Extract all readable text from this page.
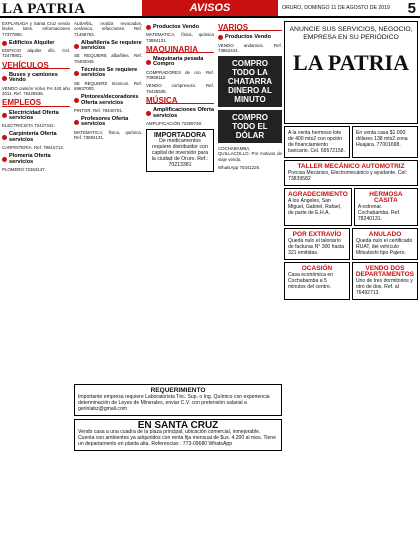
LA PATRIA	AVISOS	ORURO, DOMINGO 11 DE AGOSTO DE 2019 5
EXPLANADA y Santa Cruz vendo lindos lotes. Informaciones 77377890.
Edificios Alquiler
EDIFICIO alquiler ofic. Cel. 72478801.
VEHÍCULOS
Buses y camiones Vendo
VENDO camión Volvo FH 440 año 2011. Ref. 76425535.
EMPLEOS
Electricidad Oferta servicios
ELECTRICISTA 72427442.
Carpintería Oferta servicios
CARPINTERÍA. Ref. 79615712.
Plomería Oferta servicios
PLOMERO 72363147.
ALBAÑIL, realiza revocados, cerámica, refacciones. Ref. 71468753.
Albañilería Se requiere servicios
SE REQUIERE albañiles. Ref. 70402045.
Técnicos Se requiere servicios
SE REQUIERE técnicos. Ref. 69637000.
Pintores/decoradores Oferta servicios
PINTOR. Ref. 78440701.
Profesores Oferta servicios
MATEMATICA, física, química. Ref. 73884131.
Productos Vendo
MATEMATICA, física, química 73884131.
MAQUINARIA
Maquinaria pesada Compro
COMPRADORES de oro. Ref. 70969112.
VENDO compresora. Ref. 76425535.
MÚSICA
Amplificaciones Oferta servicios
AMPLIFICACIÓN 72306748.
IMPORTADORA
De medicamentos requiere distribuidor con capital de inversión para la ciudad de Oruro. Ref.: 70213381
VARIOS
Productos Vendo
VENDO andamios. Ref. 73862444.
COMPRO TODO LA CHATARRA DINERO AL MINUTO
COMPRO TODO EL DÓLAR
COCHABAMBA, QUILLACOLLO. Por motivos de viaje vendo.
WhatsApp 70341226.
ANUNCIE SUS SERVICIOS, NEGOCIO, EMPRESA EN SU PERIÓDICO
LA PATRIA
A la venta hermoso lote de 400 mts2 con opción de financiamiento bancario. Cel. 69572158.
En venta casa $1.000 dólares 138 mts2 zona Huajara. 77001698.
TALLER MECÁNICO AUTOMOTRIZ
Precisa Mecánico, Electromecánico y ayudante. Cel: 73839582
AGRADECIMIENTO
A los Ángeles, San Miguel, Gabriel, Rafael, de parte de E.H.A.
HERMOSA CASITA
A estrenar. Cochabamba. Ref. 78240131.
POR EXTRAVÍO
Queda nulo el talonario de facturas N° 300 hasta 321 emitidas.
ANULADO
Queda nulo el certificado RUAT, del vehículo Mitsubishi tipo Pajero.
OCASIÓN
Casa económica en Cochabamba a 5 minutos del centro.
VENDO DOS DEPARTAMENTOS
Uno de tres dormitorios y otro de dos. Ref. al 76492713.
REQUERIMIENTO
Importante empresa requiere Laboratorista Téc. Sup. o Ing. Químico con experiencia determinación de Leyes de Minerales, enviar C.V. con pretensión salarial a gerinlabz@gmail.com
EN SANTA CRUZ
Vendo casa a una cuadra de la plaza principal, ubicación comercial, inmejorable. Cuenta con ambientes ya adquiridos con renta fija mensual de $us. 4.200 al mes. Tiene un departamento en planta alta. Referencias : 773-09680 WhatsApp
